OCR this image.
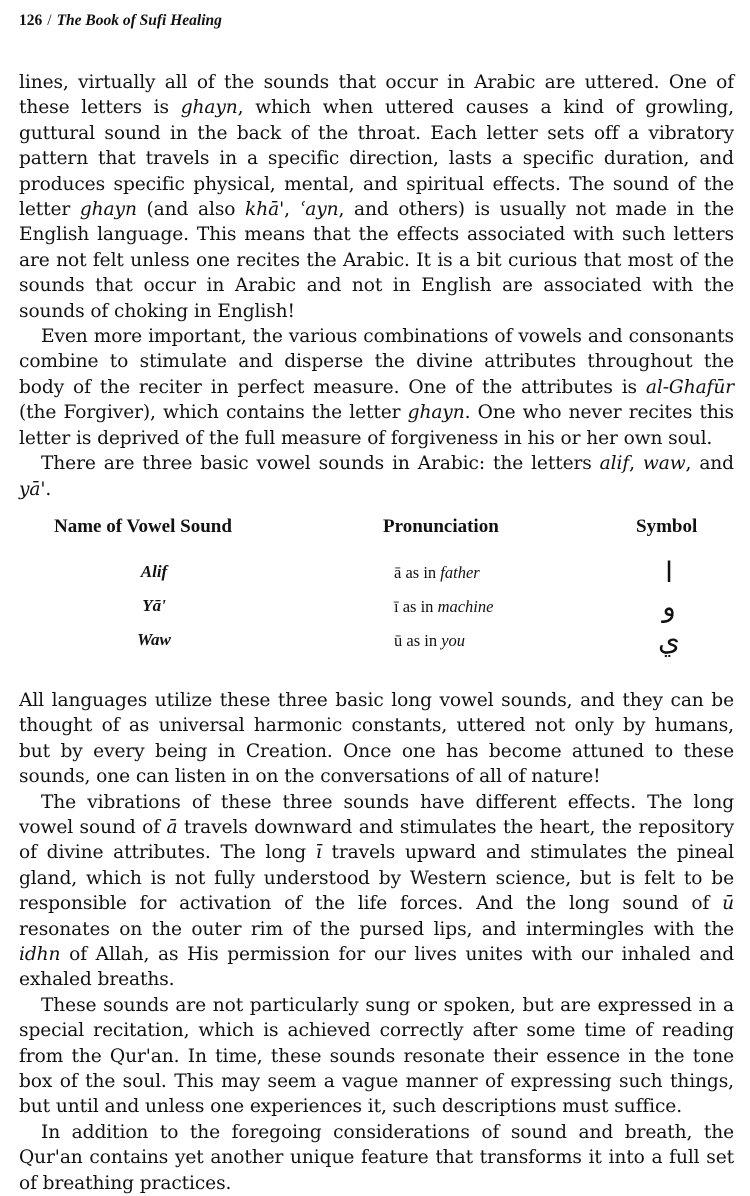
126 / The Book of Sufi Healing

lines, virtually all of the sounds that occur in Arabic are uttered. One of these letters is ghayn, which when uttered causes a kind of growling, guttural sound in the back of the throat. Each letter sets off a vibratory pattern that travels in a specific direction, lasts a specific duration, and produces specific physical, mental, and spiritual effects. The sound of the letter ghayn (and also khā', ʿayn, and others) is usually not made in the English language. This means that the effects associated with such letters are not felt unless one recites the Arabic. It is a bit curious that most of the sounds that occur in Arabic and not in English are associated with the sounds of choking in English!

Even more important, the various combinations of vowels and consonants combine to stimulate and disperse the divine attributes throughout the body of the reciter in perfect measure. One of the attributes is al-Ghafūr (the Forgiver), which contains the letter ghayn. One who never recites this letter is deprived of the full measure of forgiveness in his or her own soul.

There are three basic vowel sounds in Arabic: the letters alif, waw, and yā'.

Name of Vowel Sound	Pronunciation	Symbol
Alif	ā as in father	ا
Yā'	ī as in machine	و
Waw	ū as in you	ي

All languages utilize these three basic long vowel sounds, and they can be thought of as universal harmonic constants, uttered not only by humans, but by every being in Creation. Once one has become attuned to these sounds, one can listen in on the conversations of all of nature!

The vibrations of these three sounds have different effects. The long vowel sound of ā travels downward and stimulates the heart, the repository of divine attributes. The long ī travels upward and stimulates the pineal gland, which is not fully understood by Western science, but is felt to be responsible for activation of the life forces. And the long sound of ū resonates on the outer rim of the pursed lips, and intermingles with the idhn of Allah, as His permission for our lives unites with our inhaled and exhaled breaths.

These sounds are not particularly sung or spoken, but are expressed in a special recitation, which is achieved correctly after some time of reading from the Qur'an. In time, these sounds resonate their essence in the tone box of the soul. This may seem a vague manner of expressing such things, but until and unless one experiences it, such descriptions must suffice.

In addition to the foregoing considerations of sound and breath, the Qur'an contains yet another unique feature that transforms it into a full set of breathing practices.
